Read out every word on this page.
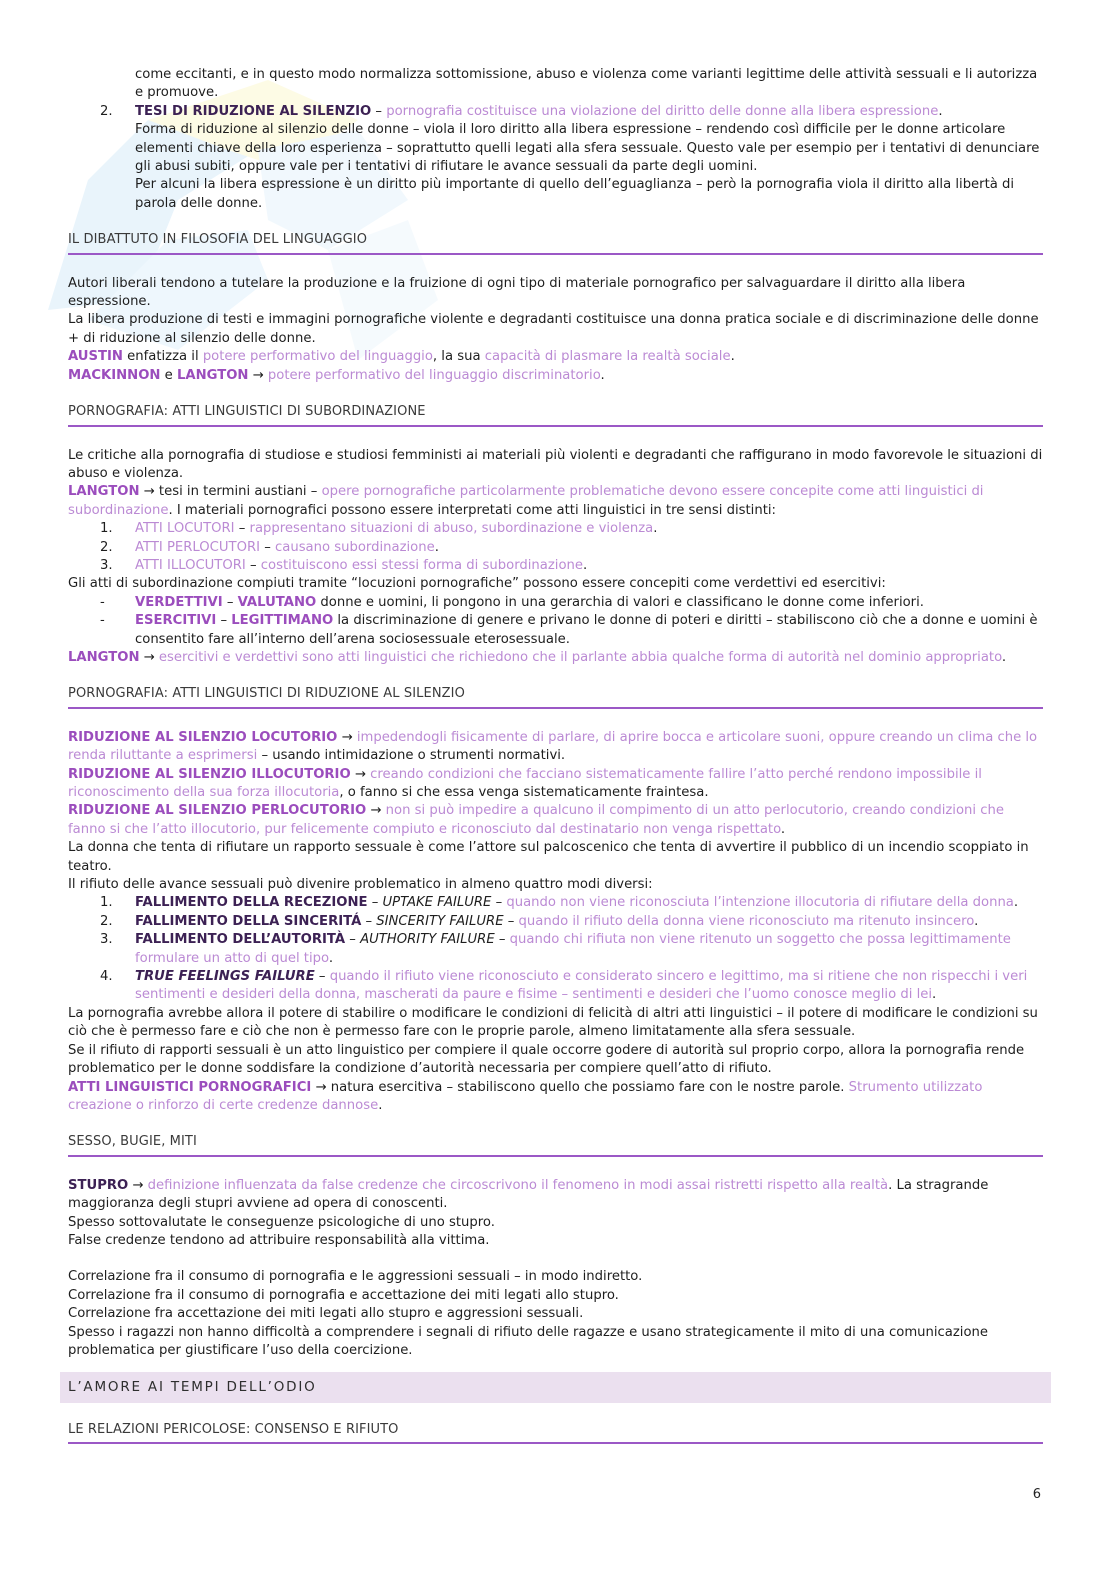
come eccitanti, e in questo modo normalizza sottomissione, abuso e violenza come varianti legittime delle attività sessuali e li autorizza e promuove.
2. TESI DI RIDUZIONE AL SILENZIO – pornografia costituisce una violazione del diritto delle donne alla libera espressione.

Forma di riduzione al silenzio delle donne – viola il loro diritto alla libera espressione – rendendo così difficile per le donne articolare elementi chiave della loro esperienza – soprattutto quelli legati alla sfera sessuale. Questo vale per esempio per i tentativi di denunciare gli abusi subiti, oppure vale per i tentativi di rifiutare le avance sessuali da parte degli uomini.

Per alcuni la libera espressione è un diritto più importante di quello dell’eguaglianza – però la pornografia viola il diritto alla libertà di parola delle donne.

IL DIBATTUTO IN FILOSOFIA DEL LINGUAGGIO

Autori liberali tendono a tutelare la produzione e la fruizione di ogni tipo di materiale pornografico per salvaguardare il diritto alla libera espressione.

La libera produzione di testi e immagini pornografiche violente e degradanti costituisce una donna pratica sociale e di discriminazione delle donne + di riduzione al silenzio delle donne.

AUSTIN enfatizza il potere performativo del linguaggio, la sua capacità di plasmare la realtà sociale.

MACKINNON e LANGTON → potere performativo del linguaggio discriminatorio.

PORNOGRAFIA: ATTI LINGUISTICI DI SUBORDINAZIONE

Le critiche alla pornografia di studiose e studiosi femministi ai materiali più violenti e degradanti che raffigurano in modo favorevole le situazioni di abuso e violenza.

LANGTON → tesi in termini austiani – opere pornografiche particolarmente problematiche devono essere concepite come atti linguistici di subordinazione. I materiali pornografici possono essere interpretati come atti linguistici in tre sensi distinti:

1. ATTI LOCUTORI – rappresentano situazioni di abuso, subordinazione e violenza.
2. ATTI PERLOCUTORI – causano subordinazione.
3. ATTI ILLOCUTORI – costituiscono essi stessi forma di subordinazione.

Gli atti di subordinazione compiuti tramite “locuzioni pornografiche” possono essere concepiti come verdettivi ed esercitivi:

- VERDETTIVI – VALUTANO donne e uomini, li pongono in una gerarchia di valori e classificano le donne come inferiori.
- ESERCITIVI – LEGITTIMANO la discriminazione di genere e privano le donne di poteri e diritti – stabiliscono ciò che a donne e uomini è consentito fare all’interno dell’arena sociosessuale eterosessuale.

LANGTON → esercitivi e verdettivi sono atti linguistici che richiedono che il parlante abbia qualche forma di autorità nel dominio appropriato.

PORNOGRAFIA: ATTI LINGUISTICI DI RIDUZIONE AL SILENZIO

RIDUZIONE AL SILENZIO LOCUTORIO → impedendogli fisicamente di parlare, di aprire bocca e articolare suoni, oppure creando un clima che lo renda riluttante a esprimersi – usando intimidazione o strumenti normativi.

RIDUZIONE AL SILENZIO ILLOCUTORIO → creando condizioni che facciano sistematicamente fallire l’atto perché rendono impossibile il riconoscimento della sua forza illocutoria, o fanno si che essa venga sistematicamente fraintesa.

RIDUZIONE AL SILENZIO PERLOCUTORIO → non si può impedire a qualcuno il compimento di un atto perlocutorio, creando condizioni che fanno si che l’atto illocutorio, pur felicemente compiuto e riconosciuto dal destinatario non venga rispettato.

La donna che tenta di rifiutare un rapporto sessuale è come l’attore sul palcoscenico che tenta di avvertire il pubblico di un incendio scoppiato in teatro.

Il rifiuto delle avance sessuali può divenire problematico in almeno quattro modi diversi:

1. FALLIMENTO DELLA RECEZIONE – UPTAKE FAILURE – quando non viene riconosciuta l’intenzione illocutoria di rifiutare della donna.
2. FALLIMENTO DELLA SINCERITÁ – SINCERITY FAILURE – quando il rifiuto della donna viene riconosciuto ma ritenuto insincero.
3. FALLIMENTO DELL’AUTORITÀ – AUTHORITY FAILURE – quando chi rifiuta non viene ritenuto un soggetto che possa legittimamente formulare un atto di quel tipo.
4. TRUE FEELINGS FAILURE – quando il rifiuto viene riconosciuto e considerato sincero e legittimo, ma si ritiene che non rispecchi i veri sentimenti e desideri della donna, mascherati da paure e fisime – sentimenti e desideri che l’uomo conosce meglio di lei.

La pornografia avrebbe allora il potere di stabilire o modificare le condizioni di felicità di altri atti linguistici – il potere di modificare le condizioni su ciò che è permesso fare e ciò che non è permesso fare con le proprie parole, almeno limitatamente alla sfera sessuale.

Se il rifiuto di rapporti sessuali è un atto linguistico per compiere il quale occorre godere di autorità sul proprio corpo, allora la pornografia rende problematico per le donne soddisfare la condizione d’autorità necessaria per compiere quell’atto di rifiuto.

ATTI LINGUISTICI PORNOGRAFICI → natura esercitiva – stabiliscono quello che possiamo fare con le nostre parole. Strumento utilizzato creazione o rinforzo di certe credenze dannose.

SESSO, BUGIE, MITI

STUPRO → definizione influenzata da false credenze che circoscrivono il fenomeno in modi assai ristretti rispetto alla realtà. La stragrande maggioranza degli stupri avviene ad opera di conoscenti.

Spesso sottovalutate le conseguenze psicologiche di uno stupro.

False credenze tendono ad attribuire responsabilità alla vittima.

Correlazione fra il consumo di pornografia e le aggressioni sessuali – in modo indiretto.

Correlazione fra il consumo di pornografia e accettazione dei miti legati allo stupro.

Correlazione fra accettazione dei miti legati allo stupro e aggressioni sessuali.

Spesso i ragazzi non hanno difficoltà a comprendere i segnali di rifiuto delle ragazze e usano strategicamente il mito di una comunicazione problematica per giustificare l’uso della coercizione.

L’AMORE AI TEMPI DELL’ODIO
LE RELAZIONI PERICOLOSE: CONSENSO E RIFIUTO
6
